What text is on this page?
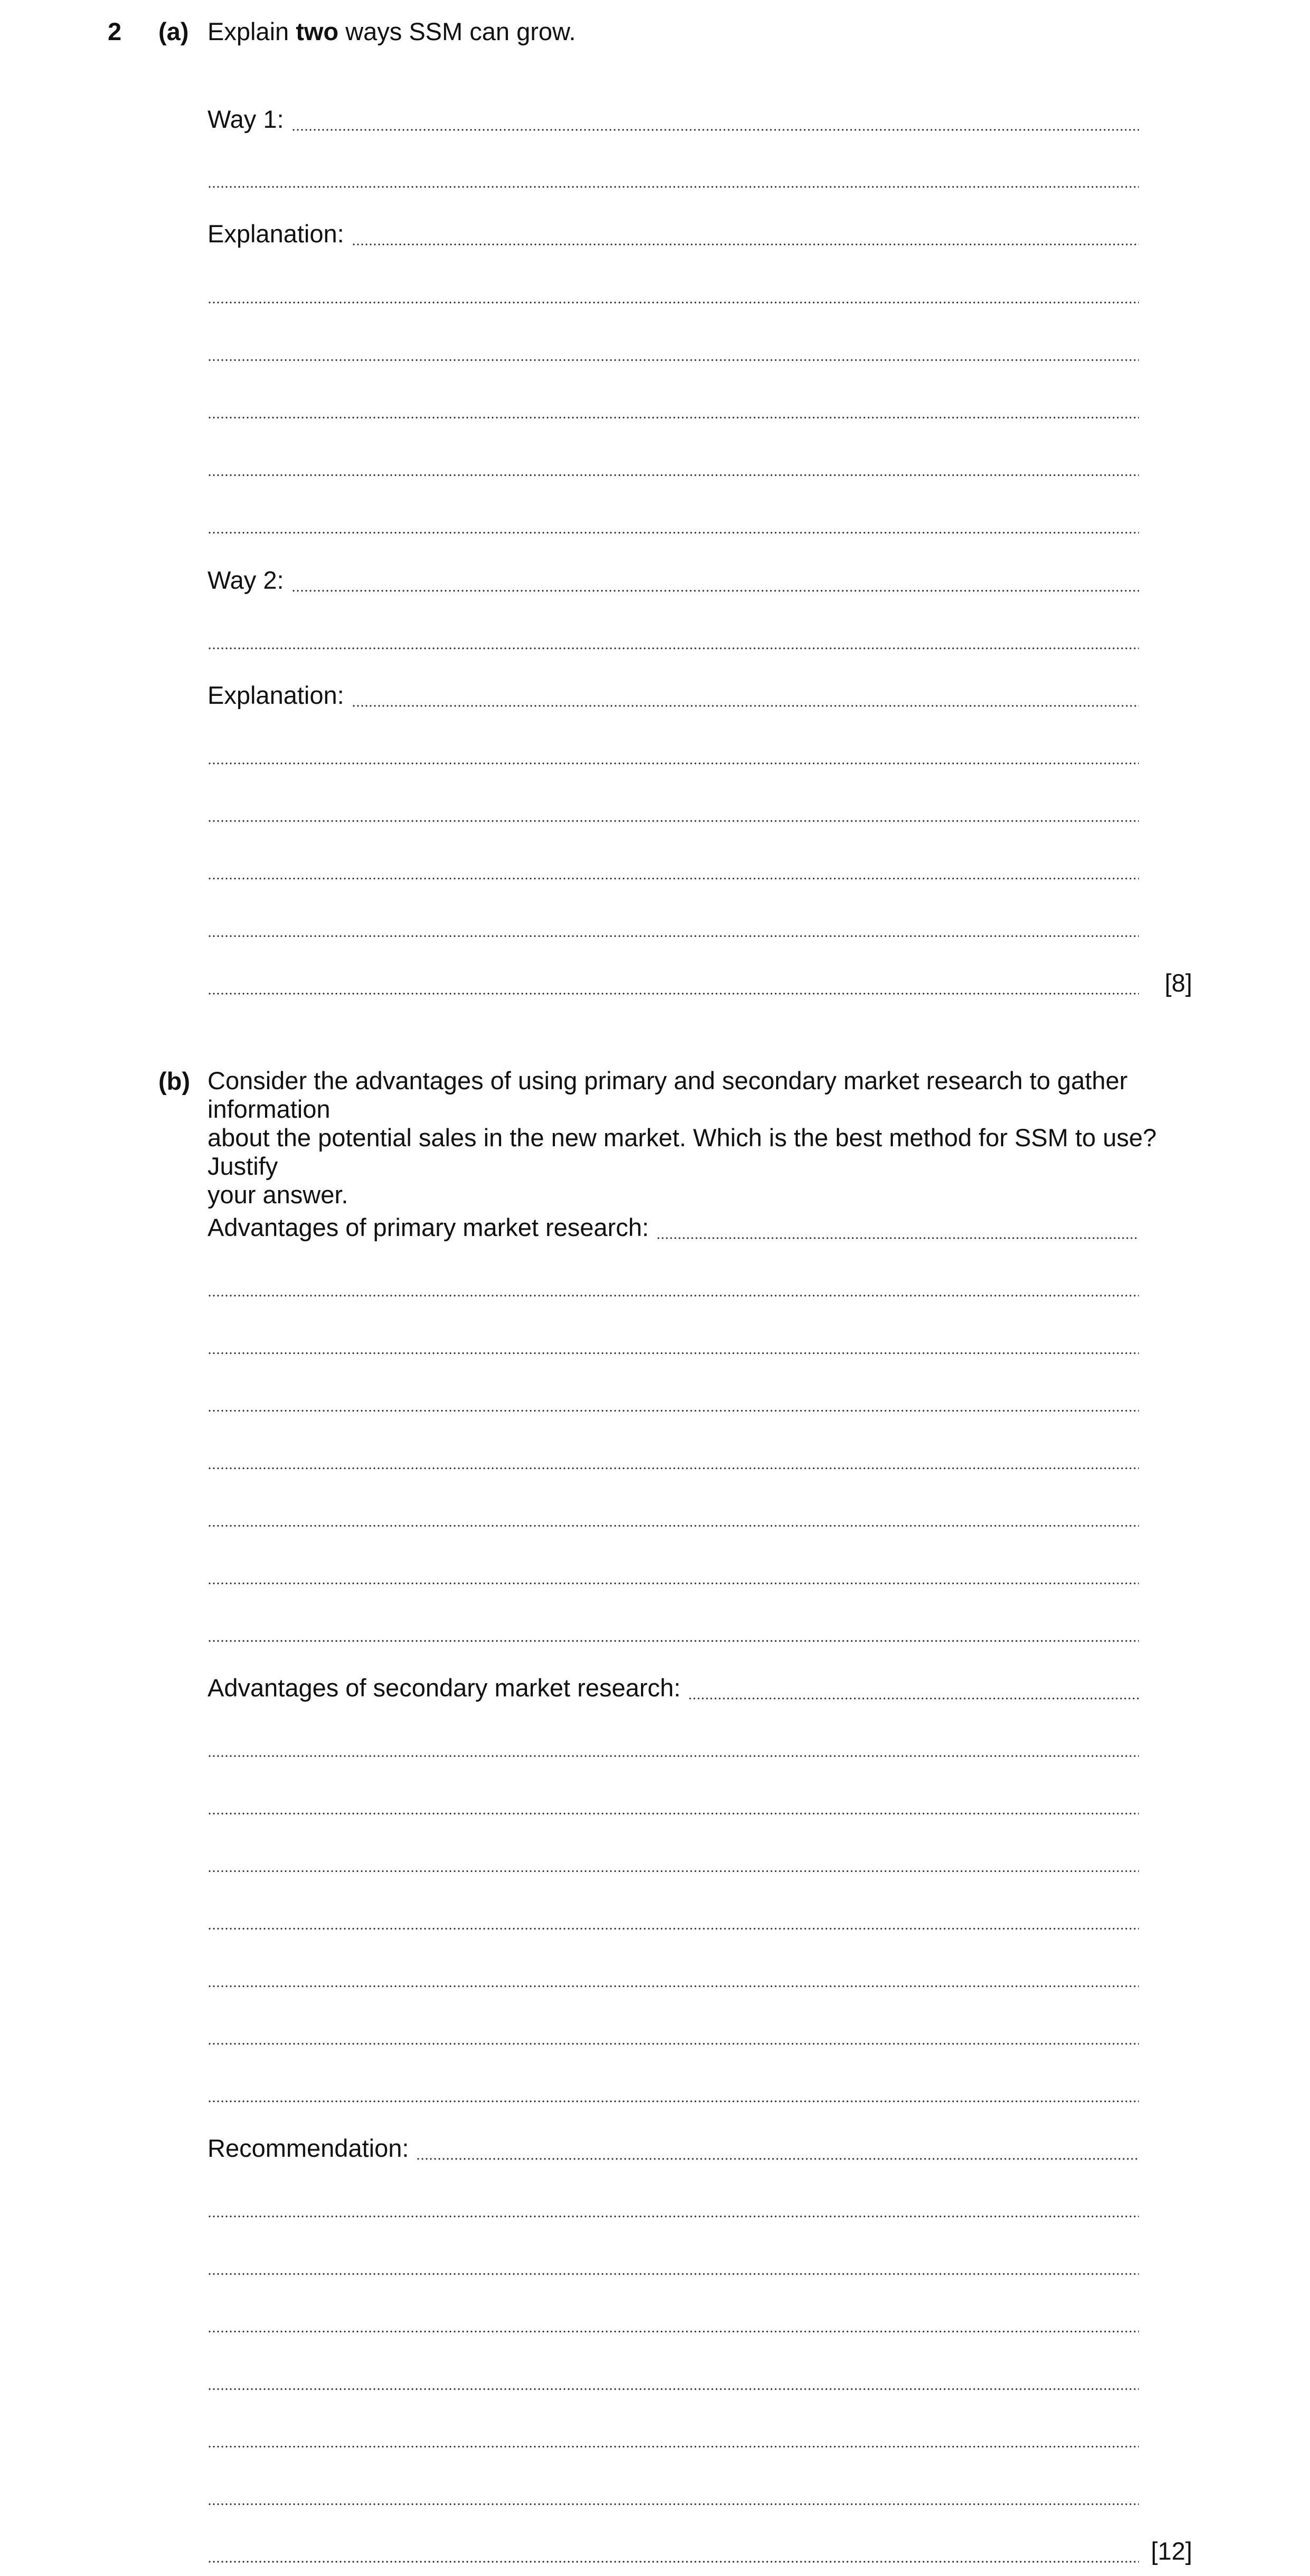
2 (a) Explain two ways SSM can grow.
Way 1:
Explanation:
Way 2:
Explanation:
[8]
(b) Consider the advantages of using primary and secondary market research to gather information
about the potential sales in the new market. Which is the best method for SSM to use? Justify
your answer.
Advantages of primary market research:
Advantages of secondary market research:
Recommendation:
[12]
